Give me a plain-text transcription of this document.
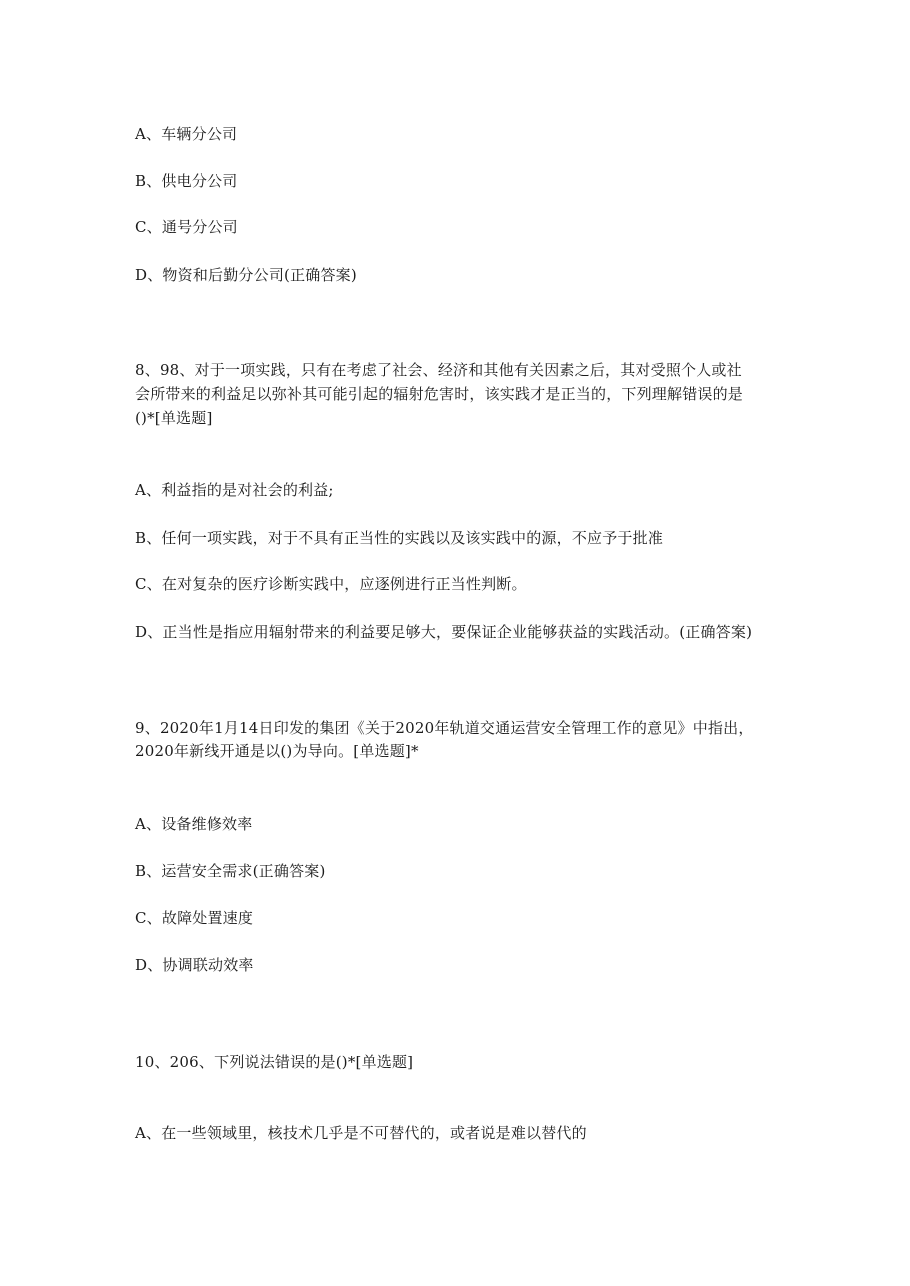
A、车辆分公司
B、供电分公司
C、通号分公司
D、物资和后勤分公司(正确答案)
8、98、对于一项实践，只有在考虑了社会、经济和其他有关因素之后，其对受照个人或社
会所带来的利益足以弥补其可能引起的辐射危害时，该实践才是正当的，下列理解错误的是
()*[单选题]
A、利益指的是对社会的利益;
B、任何一项实践，对于不具有正当性的实践以及该实践中的源，不应予于批准
C、在对复杂的医疗诊断实践中，应逐例进行正当性判断。
D、正当性是指应用辐射带来的利益要足够大，要保证企业能够获益的实践活动。(正确答案)
9、2020年1月14日印发的集团《关于2020年轨道交通运营安全管理工作的意见》中指出，
2020年新线开通是以()为导向。[单选题]*
A、设备维修效率
B、运营安全需求(正确答案)
C、故障处置速度
D、协调联动效率
10、206、下列说法错误的是()*[单选题]
A、在一些领域里，核技术几乎是不可替代的，或者说是难以替代的
